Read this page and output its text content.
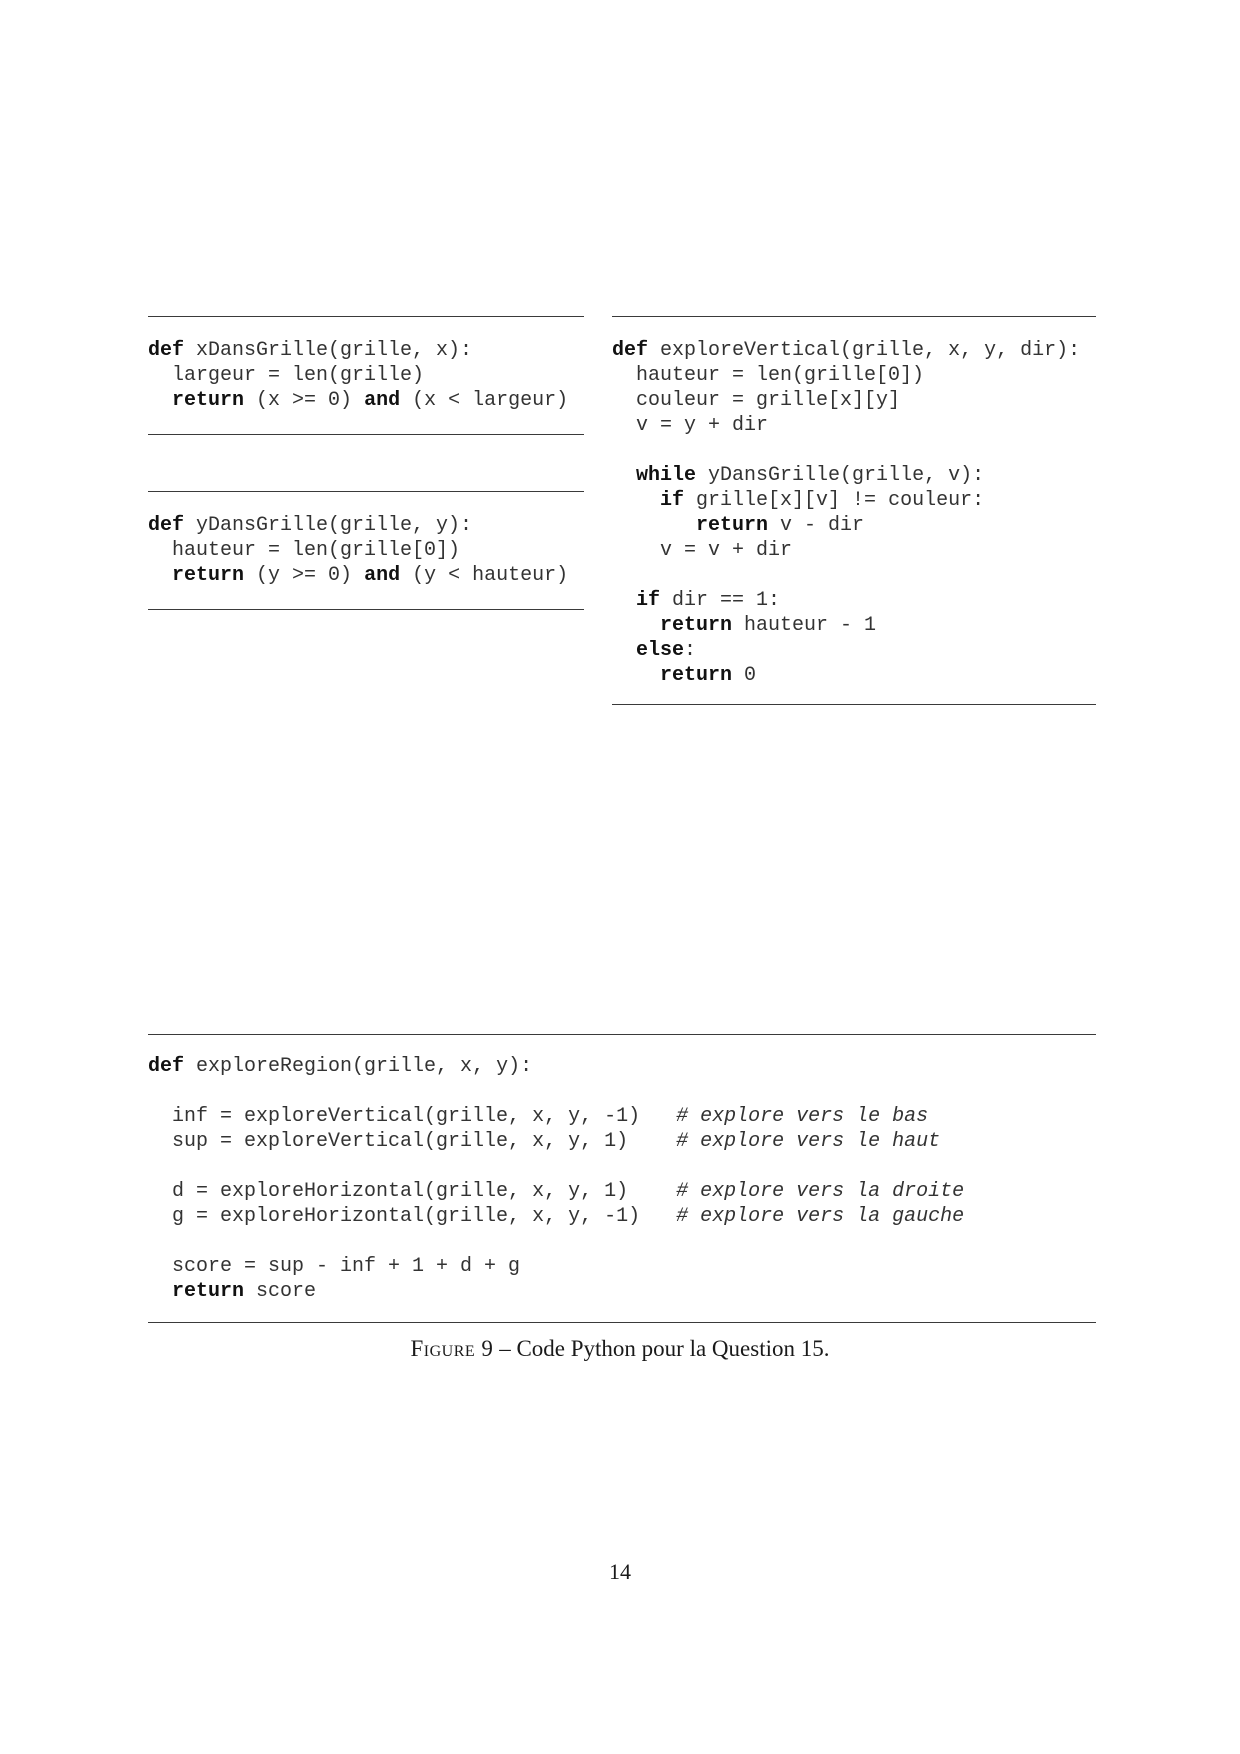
def xDansGrille(grille, x):
largeur = len(grille)
return (x >= 0) and (x < largeur)
def yDansGrille(grille, y):
hauteur = len(grille[0])
return (y >= 0) and (y < hauteur)
def exploreVertical(grille, x, y, dir):
hauteur = len(grille[0])
couleur = grille[x][y]
v = y + dir
while yDansGrille(grille, v):
if grille[x][v] != couleur:
return v - dir
v = v + dir
if dir == 1:
return hauteur - 1
else:
return 0
def exploreRegion(grille, x, y):
inf = exploreVertical(grille, x, y, -1)   # explore vers le bas
sup = exploreVertical(grille, x, y, 1)    # explore vers le haut
d = exploreHorizontal(grille, x, y, 1)    # explore vers la droite
g = exploreHorizontal(grille, x, y, -1)   # explore vers la gauche
score = sup - inf + 1 + d + g
return score
Figure 9 – Code Python pour la Question 15.
14
